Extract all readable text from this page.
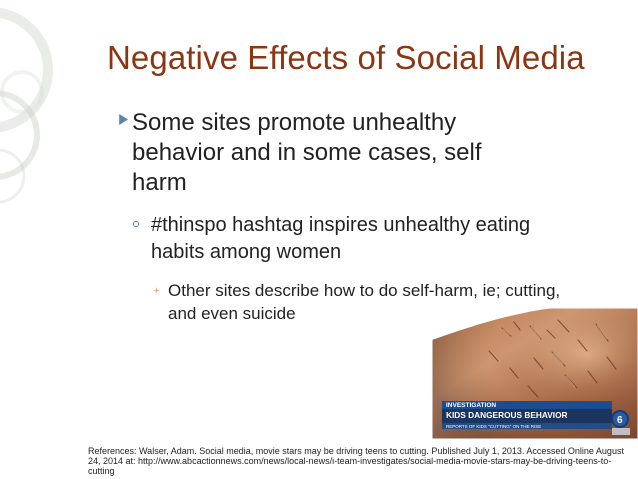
Negative Effects of Social Media
Some sites promote unhealthy behavior and in some cases, self harm
#thinspo hashtag inspires unhealthy eating habits among women
Other sites describe how to do self-harm, ie; cutting, and even suicide
INVESTIGATION
KIDS DANGEROUS BEHAVIOR
REPORTS OF KIDS "CUTTING" ON THE RISE
6
References: Walser, Adam. Social media, movie stars may be driving teens to cutting. Published July 1, 2013. Accessed Online August 24, 2014 at: http://www.abcactionnews.com/news/local-news/i-team-investigates/social-media-movie-stars-may-be-driving-teens-to-cutting
